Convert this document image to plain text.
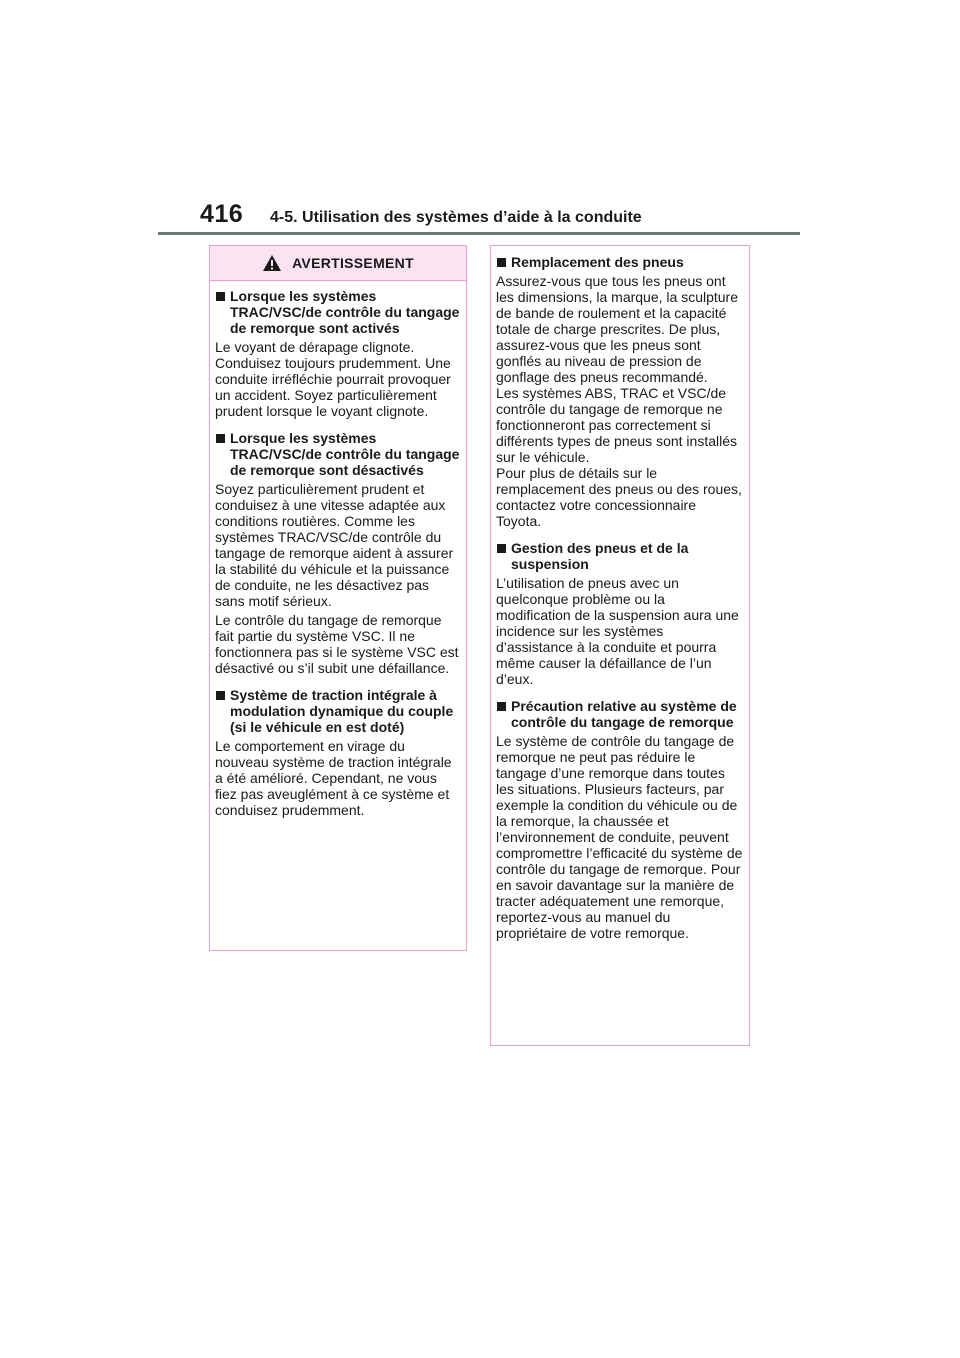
416 4-5. Utilisation des systèmes d’aide à la conduite
AVERTISSEMENT
Lorsque les systèmes TRAC/VSC/de contrôle du tangage de remorque sont activés

Le voyant de dérapage clignote. Conduisez toujours prudemment. Une conduite irréfléchie pourrait provoquer un accident. Soyez particulièrement prudent lorsque le voyant clignote.

Lorsque les systèmes TRAC/VSC/de contrôle du tangage de remorque sont désactivés

Soyez particulièrement prudent et conduisez à une vitesse adaptée aux conditions routières. Comme les systèmes TRAC/VSC/de contrôle du tangage de remorque aident à assurer la stabilité du véhicule et la puissance de conduite, ne les désactivez pas sans motif sérieux.

Le contrôle du tangage de remorque fait partie du système VSC. Il ne fonctionnera pas si le système VSC est désactivé ou s’il subit une défaillance.

Système de traction intégrale à modulation dynamique du couple (si le véhicule en est doté)

Le comportement en virage du nouveau système de traction intégrale a été amélioré. Cependant, ne vous fiez pas aveuglément à ce système et conduisez prudemment.

Remplacement des pneus

Assurez-vous que tous les pneus ont les dimensions, la marque, la sculpture de bande de roulement et la capacité totale de charge prescrites. De plus, assurez-vous que les pneus sont gonflés au niveau de pression de gonflage des pneus recommandé.

Les systèmes ABS, TRAC et VSC/de contrôle du tangage de remorque ne fonctionneront pas correctement si différents types de pneus sont installés sur le véhicule.

Pour plus de détails sur le remplacement des pneus ou des roues, contactez votre concessionnaire Toyota.

Gestion des pneus et de la suspension

L’utilisation de pneus avec un quelconque problème ou la modification de la suspension aura une incidence sur les systèmes d’assistance à la conduite et pourra même causer la défaillance de l’un d’eux.

Précaution relative au système de contrôle du tangage de remorque

Le système de contrôle du tangage de remorque ne peut pas réduire le tangage d’une remorque dans toutes les situations. Plusieurs facteurs, par exemple la condition du véhicule ou de la remorque, la chaussée et l’environnement de conduite, peuvent compromettre l’efficacité du système de contrôle du tangage de remorque. Pour en savoir davantage sur la manière de tracter adéquatement une remorque, reportez-vous au manuel du propriétaire de votre remorque.
